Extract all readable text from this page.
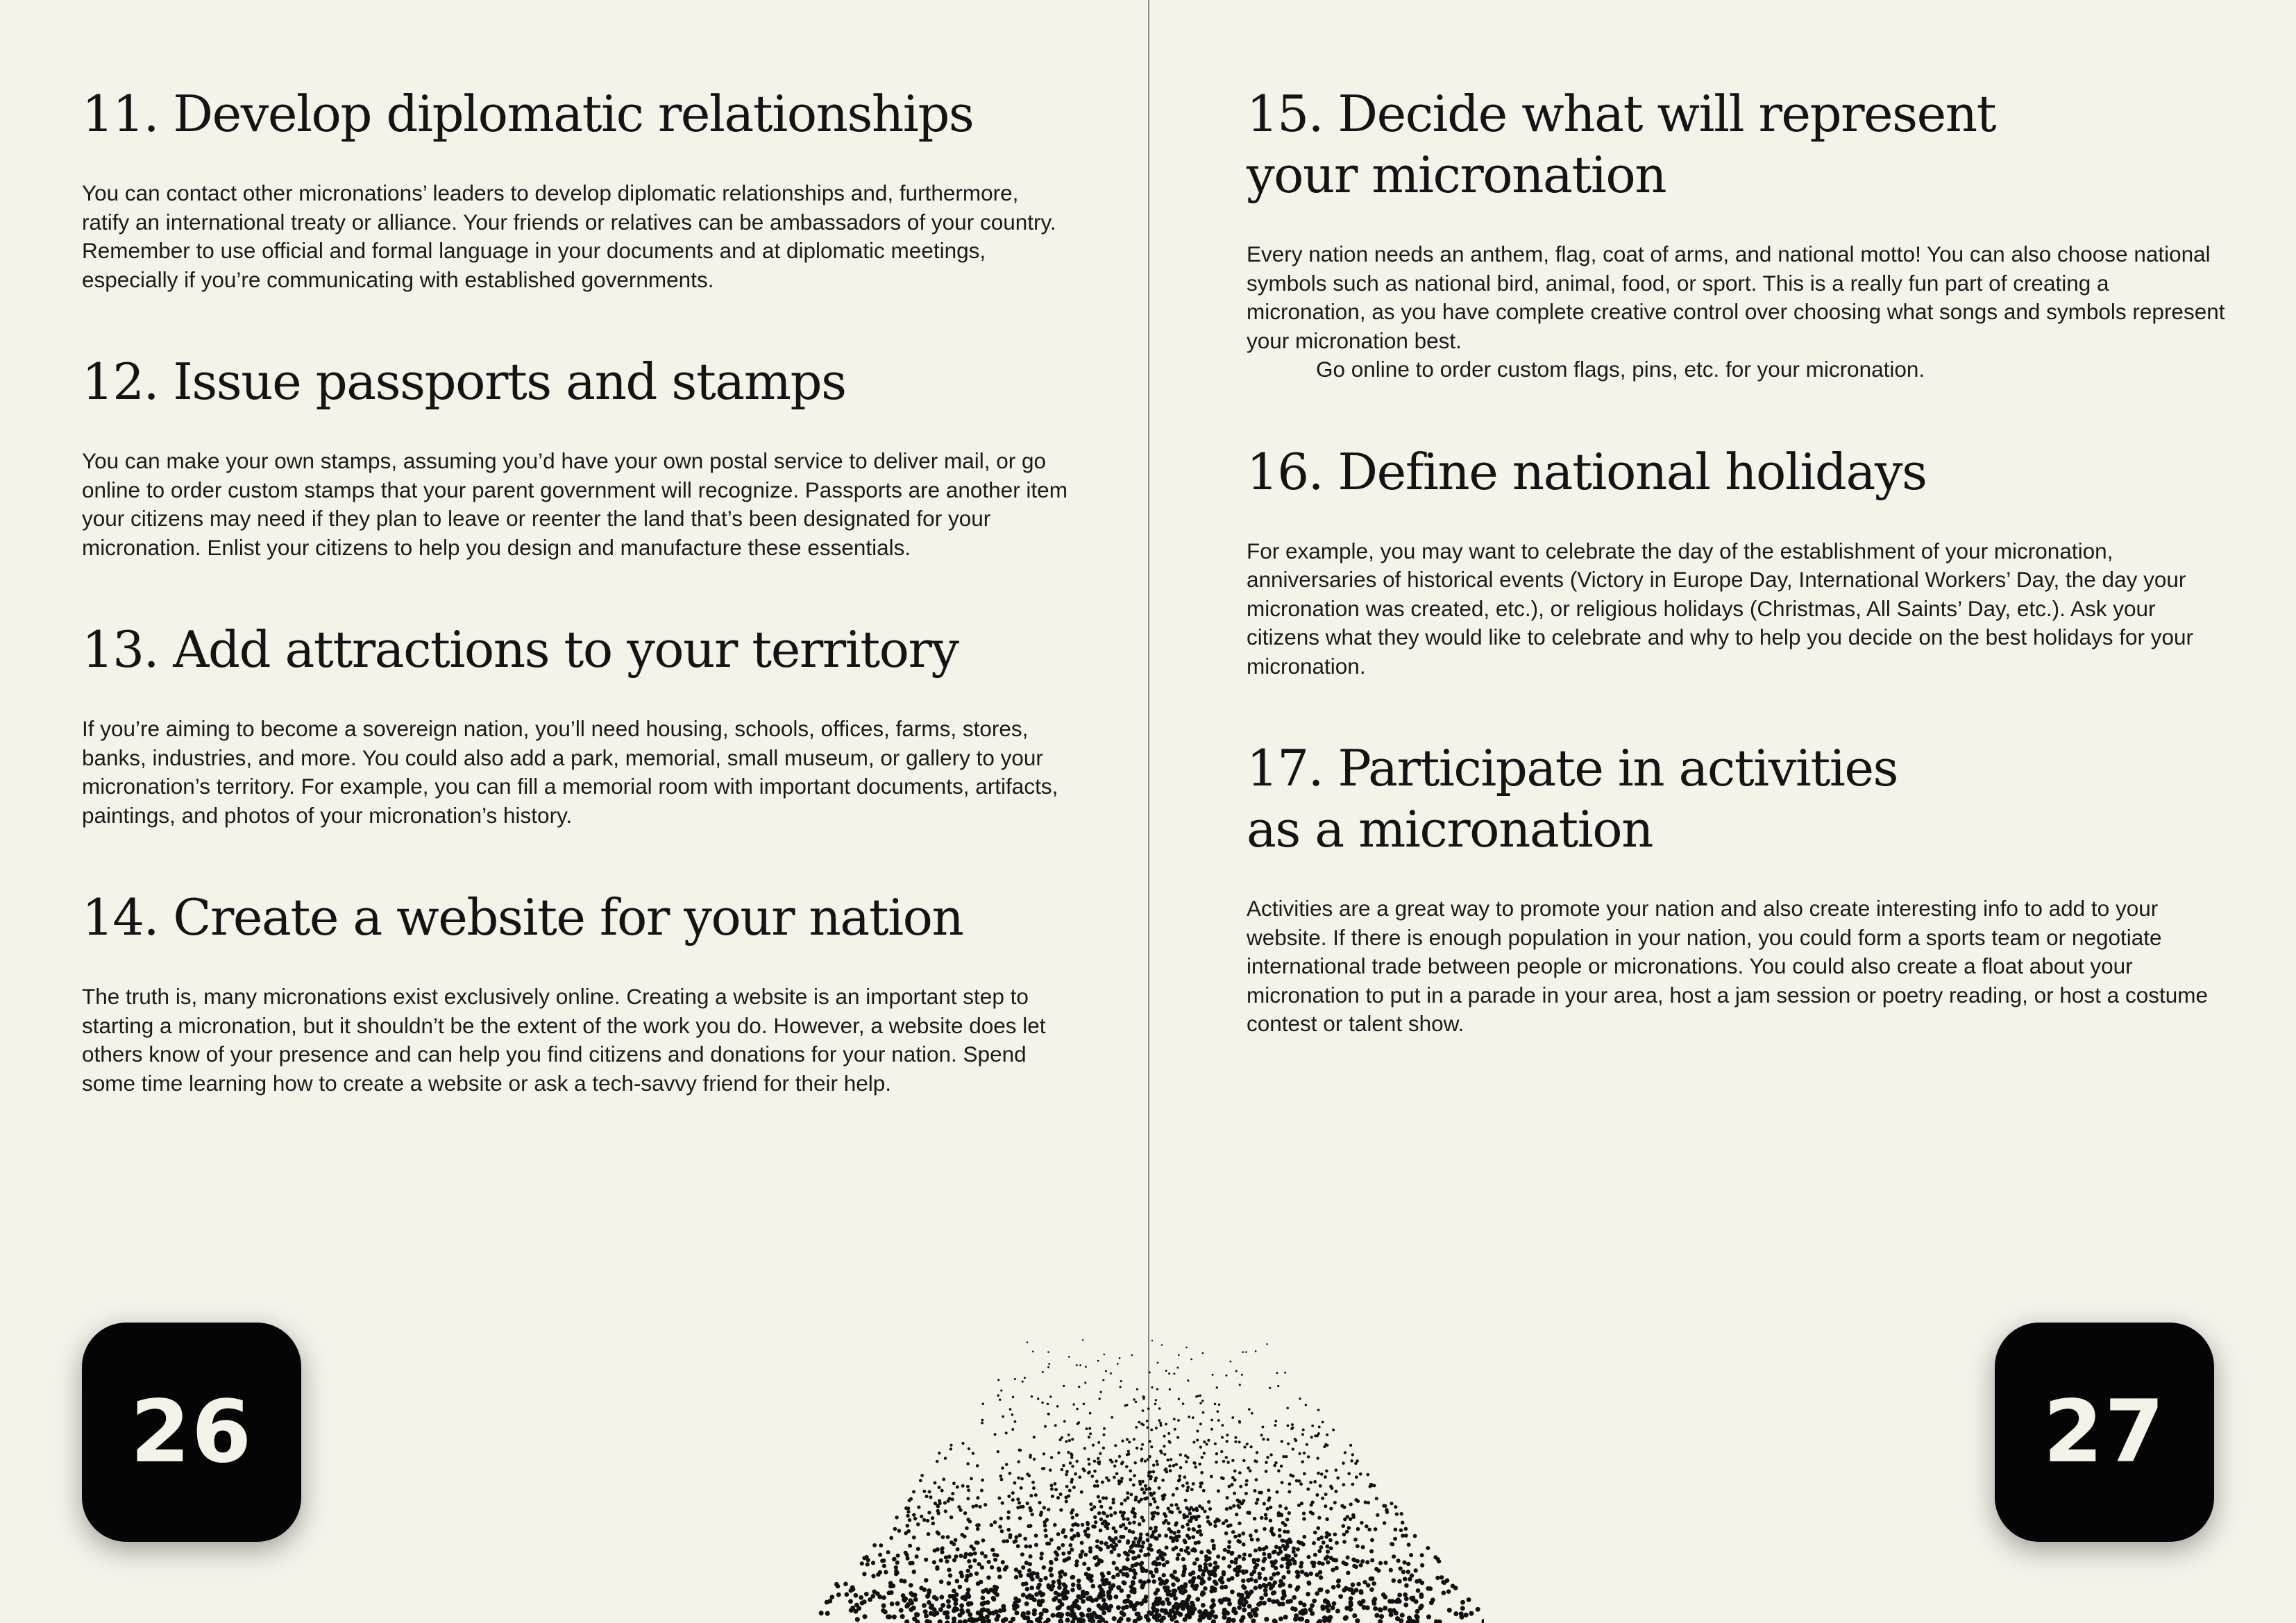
11. Develop diplomatic relationships

You can contact other micronations’ leaders to develop diplomatic relationships and, furthermore, ratify an international treaty or alliance. Your friends or relatives can be ambassadors of your country. Remember to use official and formal language in your documents and at diplomatic meetings, especially if you’re communicating with established governments.

12. Issue passports and stamps

You can make your own stamps, assuming you’d have your own postal service to deliver mail, or go online to order custom stamps that your parent government will recognize. Passports are another item your citizens may need if they plan to leave or reenter the land that’s been designated for your micronation. Enlist your citizens to help you design and manufacture these essentials.

13. Add attractions to your territory

If you’re aiming to become a sovereign nation, you’ll need housing, schools, offices, farms, stores, banks, industries, and more. You could also add a park, memorial, small museum, or gallery to your micronation’s territory. For example, you can fill a memorial room with important documents, artifacts, paintings, and photos of your micronation’s history.

14. Create a website for your nation

The truth is, many micronations exist exclusively online. Creating a website is an important step to starting a micronation, but it shouldn’t be the extent of the work you do. However, a website does let others know of your presence and can help you find citizens and donations for your nation. Spend some time learning how to create a website or ask a tech-savvy friend for their help.

15. Decide what will represent your micronation

Every nation needs an anthem, flag, coat of arms, and national motto! You can also choose national symbols such as national bird, animal, food, or sport. This is a really fun part of creating a micronation, as you have complete creative control over choosing what songs and symbols represent your micronation best.

Go online to order custom flags, pins, etc. for your micronation.

16. Define national holidays

For example, you may want to celebrate the day of the establishment of your micronation, anniversaries of historical events (Victory in Europe Day, International Workers’ Day, the day your micronation was created, etc.), or religious holidays (Christmas, All Saints’ Day, etc.). Ask your citizens what they would like to celebrate and why to help you decide on the best holidays for your micronation.

17. Participate in activities as a micronation

Activities are a great way to promote your nation and also create interesting info to add to your website. If there is enough population in your nation, you could form a sports team or negotiate international trade between people or micronations. You could also create a float about your micronation to put in a parade in your area, host a jam session or poetry reading, or host a costume contest or talent show.

26	27
